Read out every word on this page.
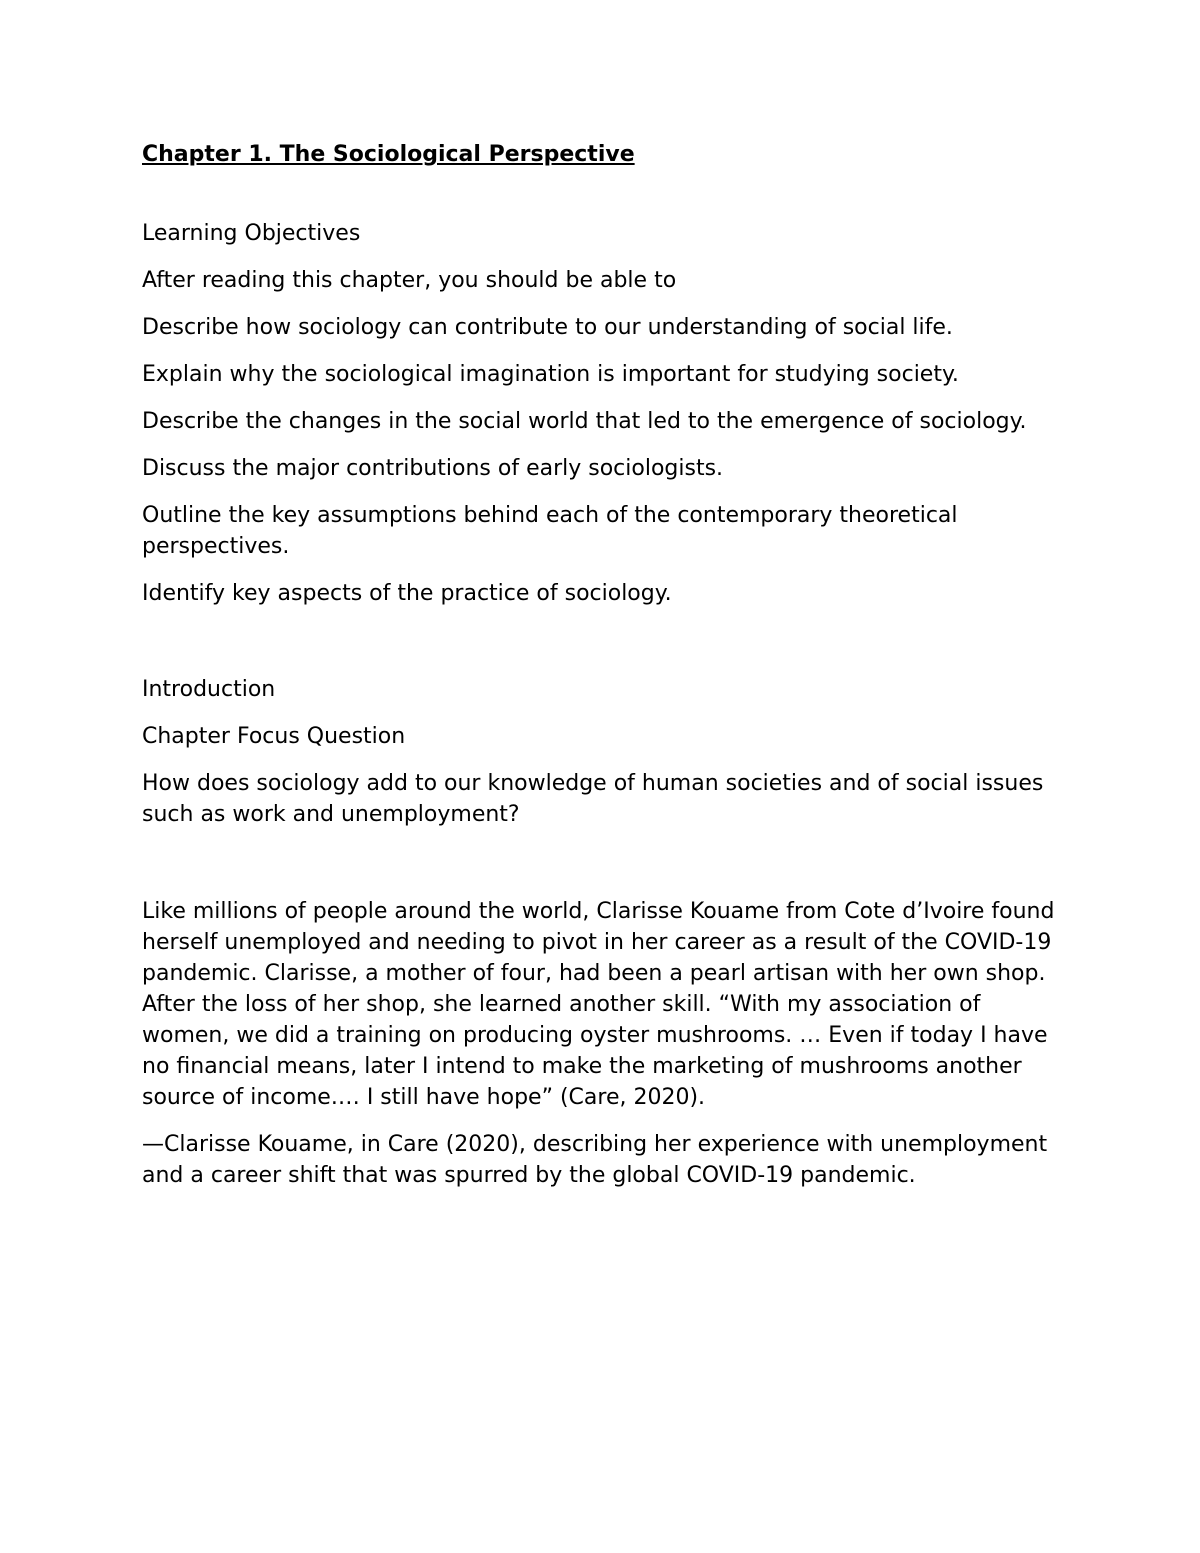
Chapter 1. The Sociological Perspective

Learning Objectives

After reading this chapter, you should be able to

Describe how sociology can contribute to our understanding of social life.

Explain why the sociological imagination is important for studying society.

Describe the changes in the social world that led to the emergence of sociology.

Discuss the major contributions of early sociologists.

Outline the key assumptions behind each of the contemporary theoretical perspectives.

Identify key aspects of the practice of sociology.

Introduction

Chapter Focus Question

How does sociology add to our knowledge of human societies and of social issues such as work and unemployment?

Like millions of people around the world, Clarisse Kouame from Cote d’Ivoire found herself unemployed and needing to pivot in her career as a result of the COVID-19 pandemic. Clarisse, a mother of four, had been a pearl artisan with her own shop. After the loss of her shop, she learned another skill. “With my association of women, we did a training on producing oyster mushrooms. … Even if today I have no financial means, later I intend to make the marketing of mushrooms another source of income.… I still have hope” (Care, 2020).

—Clarisse Kouame, in Care (2020), describing her experience with unemployment and a career shift that was spurred by the global COVID-19 pandemic.
